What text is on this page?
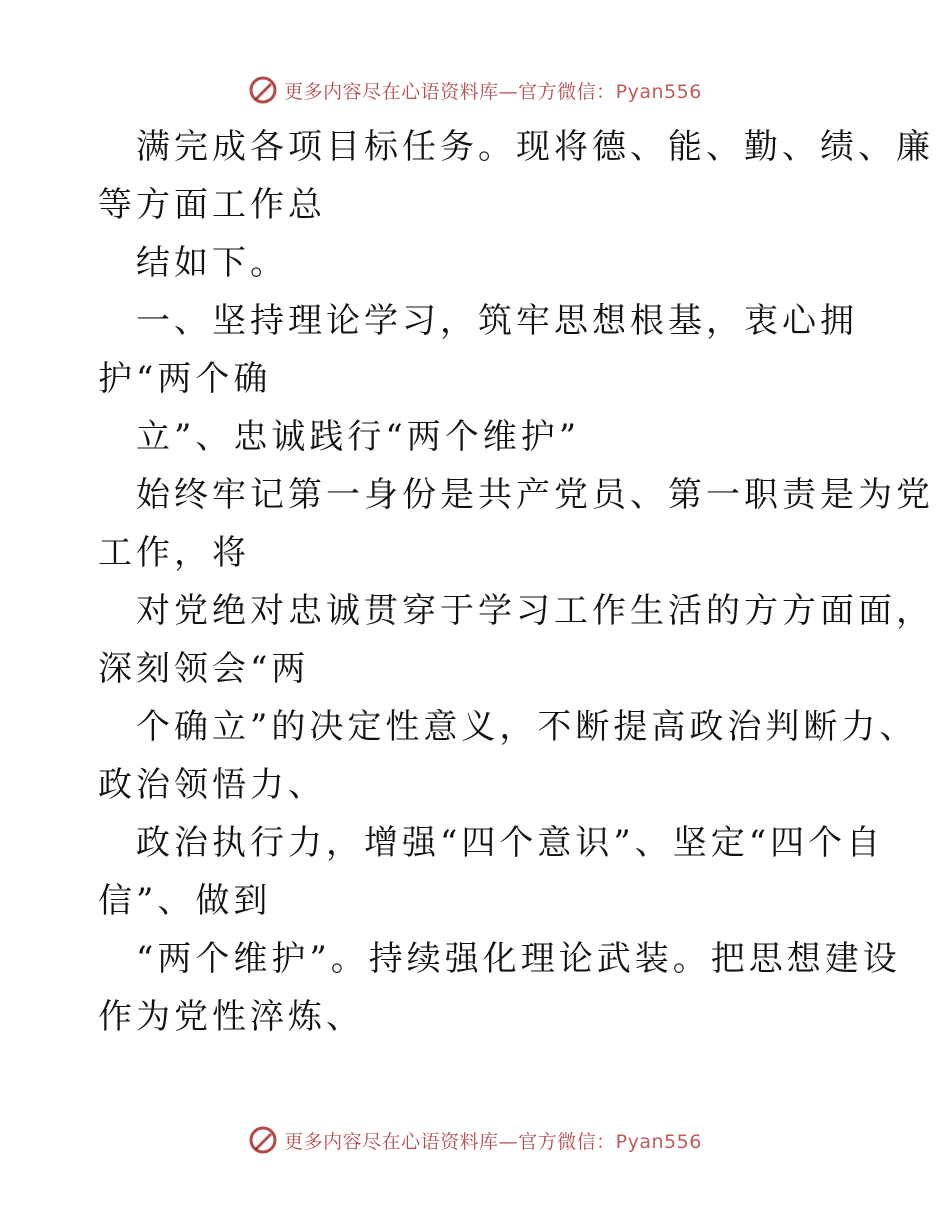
更多内容尽在心语资料库—官方微信：Pyan556
满完成各项目标任务。现将德、能、勤、绩、廉
等方面工作总
结如下。
一、坚持理论学习，筑牢思想根基，衷心拥
护“两个确
立”、忠诚践行“两个维护”
始终牢记第一身份是共产党员、第一职责是为党
工作，将
对党绝对忠诚贯穿于学习工作生活的方方面面，
深刻领会“两
个确立”的决定性意义，不断提高政治判断力、
政治领悟力、
政治执行力，增强“四个意识”、坚定“四个自
信”、做到
“两个维护”。持续强化理论武装。把思想建设
作为党性淬炼、
更多内容尽在心语资料库—官方微信：Pyan556
